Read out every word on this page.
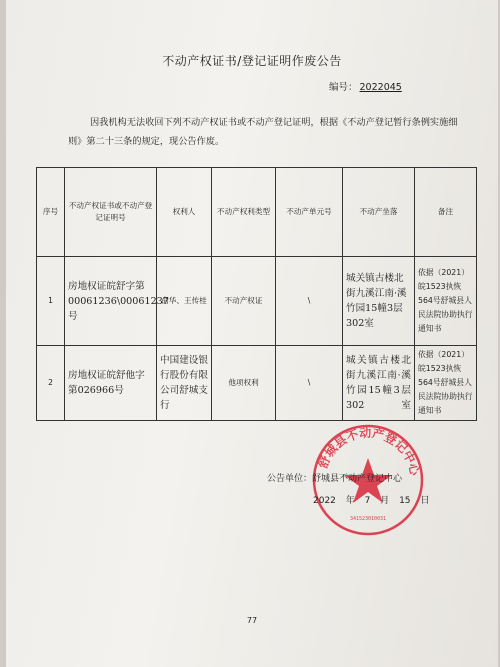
不动产权证书/登记证明作废公告
编号： 2022045
因我机构无法收回下列不动产权证书或不动产登记证明，根据《不动产登记暂行条例实施细则》第二十三条的规定，现公告作废。
序号	不动产权证书或不动产登记证明号	权利人	不动产权利类型	不动产单元号	不动产坐落	备注
1	房地权证皖舒字第00061236\00061237号	俞华、王传桂	不动产权证	\	城关镇古楼北街九溪江南·溪竹园15幢3层302室	依据（2021）皖1523执恢564号舒城县人民法院协助执行通知书
2	房地权证皖舒他字第026966号	中国建设银行股份有限公司舒城支行	他项权利	\	城关镇古楼北街九溪江南·溪竹园15幢3层302室	依据（2021）皖1523执恢564号舒城县人民法院协助执行通知书
舒城县不动产登记中心
341523010031
公告单位：舒城县不动产登记中心
2022 年 7 月 15 日
77
